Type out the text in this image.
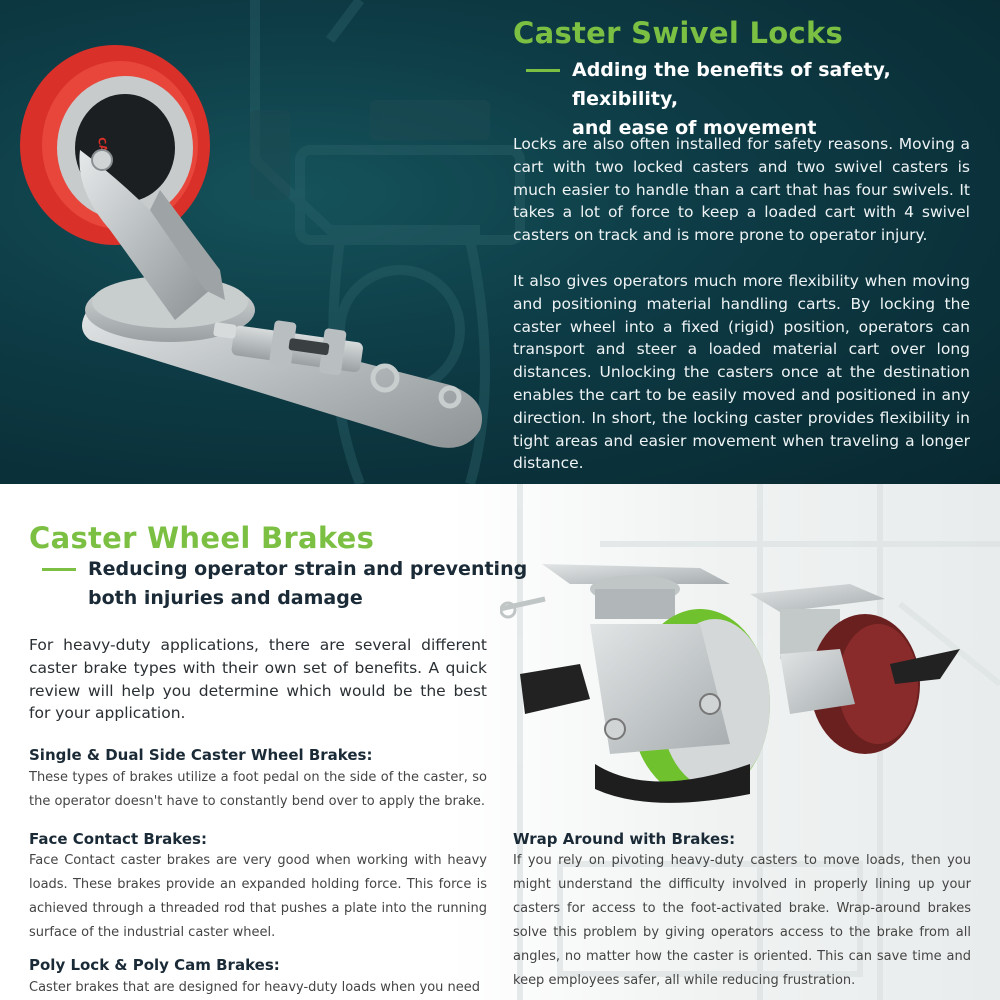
Caster Swivel Locks
Adding the benefits of safety, flexibility,
and ease of movement
Locks are also often installed for safety reasons. Moving a cart with two locked casters and two swivel casters is much easier to handle than a cart that has four swivels. It takes a lot of force to keep a loaded cart with 4 swivel casters on track and is more prone to operator injury.
It also gives operators much more flexibility when moving and positioning material handling carts. By locking the caster wheel into a fixed (rigid) position, operators can transport and steer a loaded material cart over long distances. Unlocking the casters once at the destination enables the cart to be easily moved and positioned in any direction. In short, the locking caster provides flexibility in tight areas and easier movement when traveling a longer distance.
Caster Wheel Brakes
Reducing operator strain and preventing
both injuries and damage
For heavy-duty applications, there are several different caster brake types with their own set of benefits. A quick review will help you determine which would be the best for your application.
Single & Dual Side Caster Wheel Brakes:
These types of brakes utilize a foot pedal on the side of the caster, so the operator doesn't have to constantly bend over to apply the brake.
Face Contact Brakes:
Face Contact caster brakes are very good when working with heavy loads. These brakes provide an expanded holding force. This force is achieved through a threaded rod that pushes a plate into the running surface of the industrial caster wheel.
Poly Lock & Poly Cam Brakes:
Caster brakes that are designed for heavy-duty loads when you need
Wrap Around with Brakes:
If you rely on pivoting heavy-duty casters to move loads, then you might understand the difficulty involved in properly lining up your casters for access to the foot-activated brake. Wrap-around brakes solve this problem by giving operators access to the brake from all angles, no matter how the caster is oriented. This can save time and keep employees safer, all while reducing frustration.
